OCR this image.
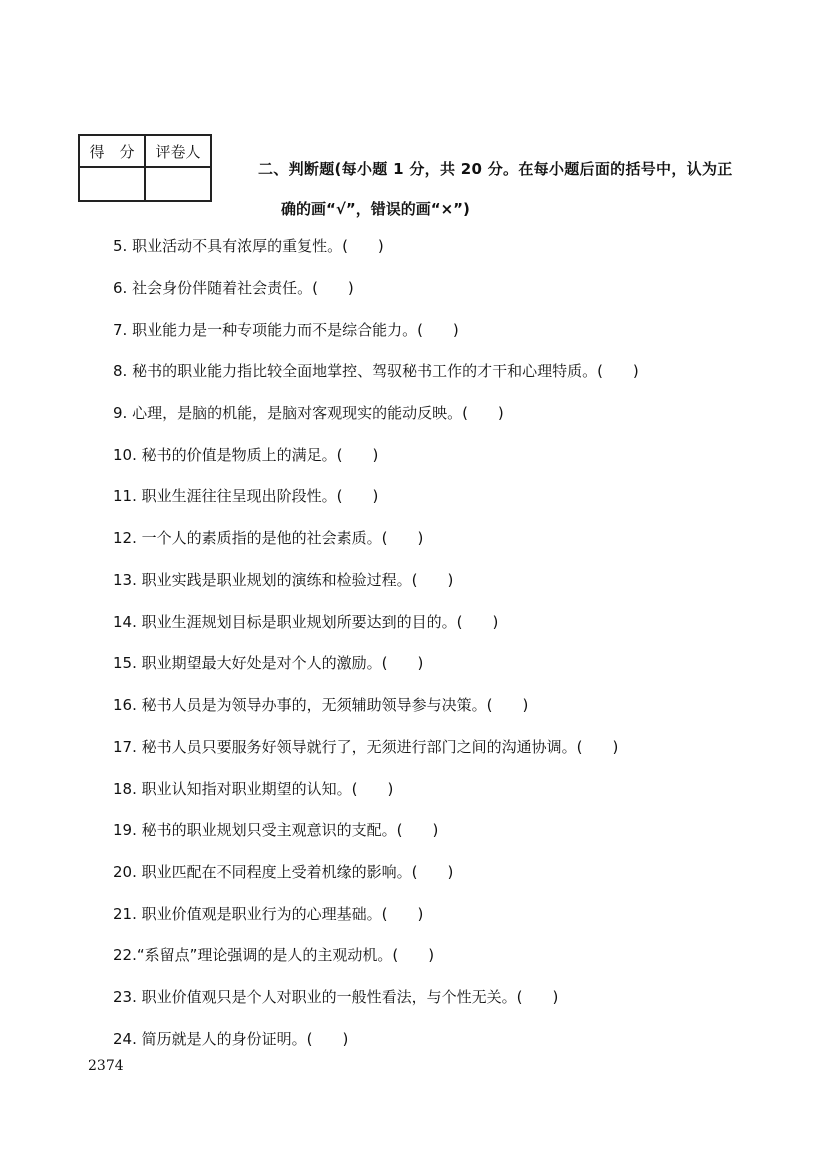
得　分	评卷人

二、判断题(每小题 1 分，共 20 分。在每小题后面的括号中，认为正
确的画“√”，错误的画“×”)
5. 职业活动不具有浓厚的重复性。(　　)
6. 社会身份伴随着社会责任。(　　)
7. 职业能力是一种专项能力而不是综合能力。(　　)
8. 秘书的职业能力指比较全面地掌控、驾驭秘书工作的才干和心理特质。(　　)
9. 心理，是脑的机能，是脑对客观现实的能动反映。(　　)
10. 秘书的价值是物质上的满足。(　　)
11. 职业生涯往往呈现出阶段性。(　　)
12. 一个人的素质指的是他的社会素质。(　　)
13. 职业实践是职业规划的演练和检验过程。(　　)
14. 职业生涯规划目标是职业规划所要达到的目的。(　　)
15. 职业期望最大好处是对个人的激励。(　　)
16. 秘书人员是为领导办事的，无须辅助领导参与决策。(　　)
17. 秘书人员只要服务好领导就行了，无须进行部门之间的沟通协调。(　　)
18. 职业认知指对职业期望的认知。(　　)
19. 秘书的职业规划只受主观意识的支配。(　　)
20. 职业匹配在不同程度上受着机缘的影响。(　　)
21. 职业价值观是职业行为的心理基础。(　　)
22.“系留点”理论强调的是人的主观动机。(　　)
23. 职业价值观只是个人对职业的一般性看法，与个性无关。(　　)
24. 简历就是人的身份证明。(　　)
2374
